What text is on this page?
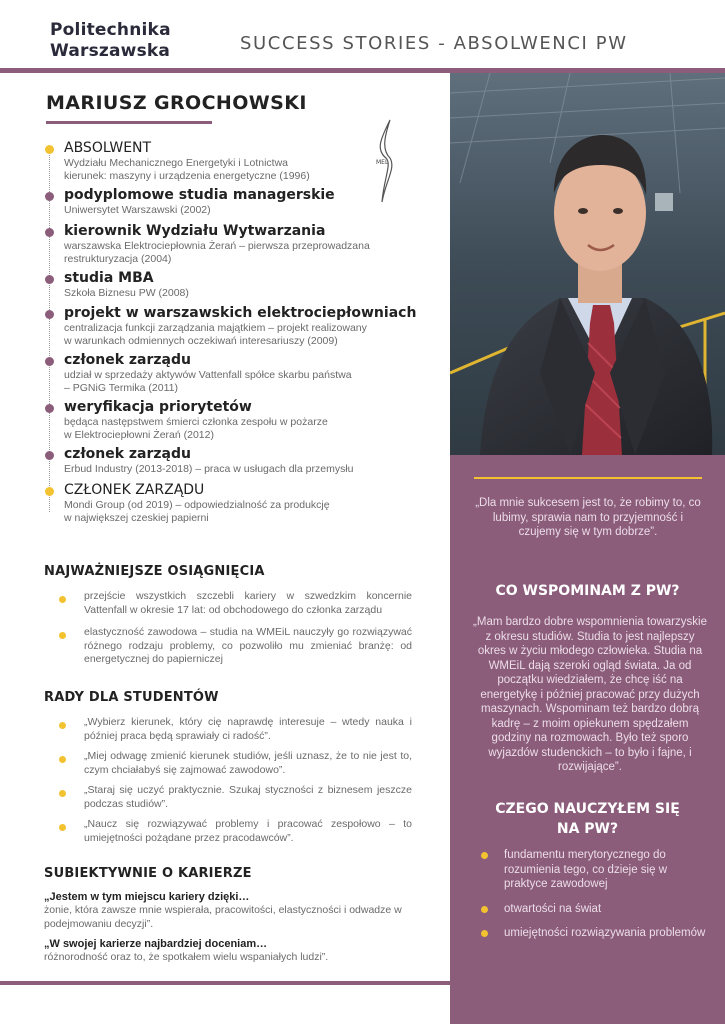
Politechnika
Warszawska	SUCCESS STORIES - ABSOLWENCI PW
MARIUSZ GROCHOWSKI
MEL
ABSOLWENT
Wydziału Mechanicznego Energetyki i Lotnictwa
kierunek: maszyny i urządzenia energetyczne (1996)
podyplomowe studia managerskie
Uniwersytet Warszawski (2002)
kierownik Wydziału Wytwarzania
warszawska Elektrociepłownia Żerań – pierwsza przeprowadzana
restrukturyzacja (2004)
studia MBA
Szkoła Biznesu PW (2008)
projekt w warszawskich elektrociepłowniach
centralizacja funkcji zarządzania majątkiem – projekt realizowany
w warunkach odmiennych oczekiwań interesariuszy (2009)
członek zarządu
udział w sprzedaży aktywów Vattenfall spółce skarbu państwa
– PGNiG Termika (2011)
weryfikacja priorytetów
będąca następstwem śmierci członka zespołu w pożarze
w Elektrociepłowni Żerań (2012)
członek zarządu
Erbud Industry (2013-2018) – praca w usługach dla przemysłu
CZŁONEK ZARZĄDU
Mondi Group (od 2019) – odpowiedzialność za produkcję
w największej czeskiej papierni
NAJWAŻNIEJSZE OSIĄGNIĘCIA
przejście wszystkich szczebli kariery w szwedzkim koncernie Vattenfall w okresie 17 lat: od obchodowego do członka zarządu
elastyczność zawodowa – studia na WMEiL nauczyły go rozwiązywać różnego rodzaju problemy, co pozwoliło mu zmieniać branżę: od energetycznej do papierniczej
RADY DLA STUDENTÓW
„Wybierz kierunek, który cię naprawdę interesuje – wtedy nauka i później praca będą sprawiały ci radość”.
„Miej odwagę zmienić kierunek studiów, jeśli uznasz, że to nie jest to, czym chciałabyś się zajmować zawodowo”.
„Staraj się uczyć praktycznie. Szukaj styczności z biznesem jeszcze podczas studiów”.
„Naucz się rozwiązywać problemy i pracować zespołowo – to umiejętności pożądane przez pracodawców”.
SUBIEKTYWNIE O KARIERZE
„Jestem w tym miejscu kariery dzięki…
żonie, która zawsze mnie wspierała, pracowitości, elastyczności i odwadze w podejmowaniu decyzji”.
„W swojej karierze najbardziej doceniam…
różnorodność oraz to, że spotkałem wielu wspaniałych ludzi”.
„Dla mnie sukcesem jest to, że robimy to, co lubimy, sprawia nam to przyjemność i czujemy się w tym dobrze”.
CO WSPOMINAM Z PW?
„Mam bardzo dobre wspomnienia towarzyskie z okresu studiów. Studia to jest najlepszy okres w życiu młodego człowieka. Studia na WMEiL dają szeroki ogląd świata. Ja od początku wiedziałem, że chcę iść na energetykę i później pracować przy dużych maszynach. Wspominam też bardzo dobrą kadrę – z moim opiekunem spędzałem godziny na rozmowach. Było też sporo wyjazdów studenckich – to było i fajne, i rozwijające”.
CZEGO NAUCZYŁEM SIĘ NA PW?
fundamentu merytorycznego do rozumienia tego, co dzieje się w praktyce zawodowej
otwartości na świat
umiejętności rozwiązywania problemów
